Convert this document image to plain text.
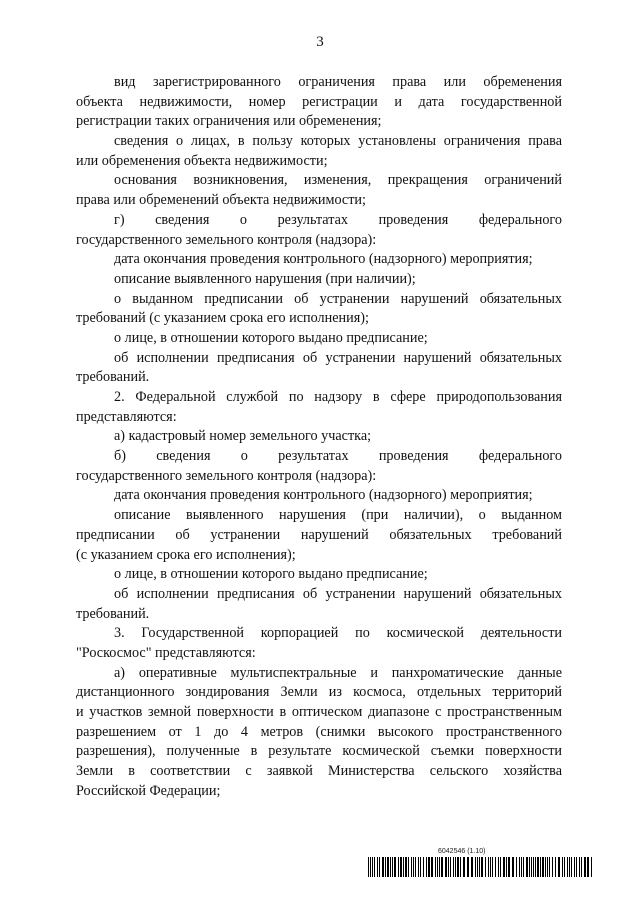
3
вид зарегистрированного ограничения права или обременения
объекта недвижимости, номер регистрации и дата государственной
регистрации таких ограничения или обременения;
сведения о лицах, в пользу которых установлены ограничения права
или обременения объекта недвижимости;
основания возникновения, изменения, прекращения ограничений
права или обременений объекта недвижимости;
г) сведения о результатах проведения федерального
государственного земельного контроля (надзора):
дата окончания проведения контрольного (надзорного) мероприятия;
описание выявленного нарушения (при наличии);
о выданном предписании об устранении нарушений обязательных
требований (с указанием срока его исполнения);
о лице, в отношении которого выдано предписание;
об исполнении предписания об устранении нарушений обязательных
требований.
2. Федеральной службой по надзору в сфере природопользования
представляются:
а) кадастровый номер земельного участка;
б) сведения о результатах проведения федерального
государственного земельного контроля (надзора):
дата окончания проведения контрольного (надзорного) мероприятия;
описание выявленного нарушения (при наличии), о выданном
предписании об устранении нарушений обязательных требований
(с указанием срока его исполнения);
о лице, в отношении которого выдано предписание;
об исполнении предписания об устранении нарушений обязательных
требований.
3. Государственной корпорацией по космической деятельности
"Роскосмос" представляются:
а) оперативные мультиспектральные и панхроматические данные
дистанционного зондирования Земли из космоса, отдельных территорий
и участков земной поверхности в оптическом диапазоне с пространственным
разрешением от 1 до 4 метров (снимки высокого пространственного
разрешения), полученные в результате космической съемки поверхности
Земли в соответствии с заявкой Министерства сельского хозяйства
Российской Федерации;
6042546 (1.10)
